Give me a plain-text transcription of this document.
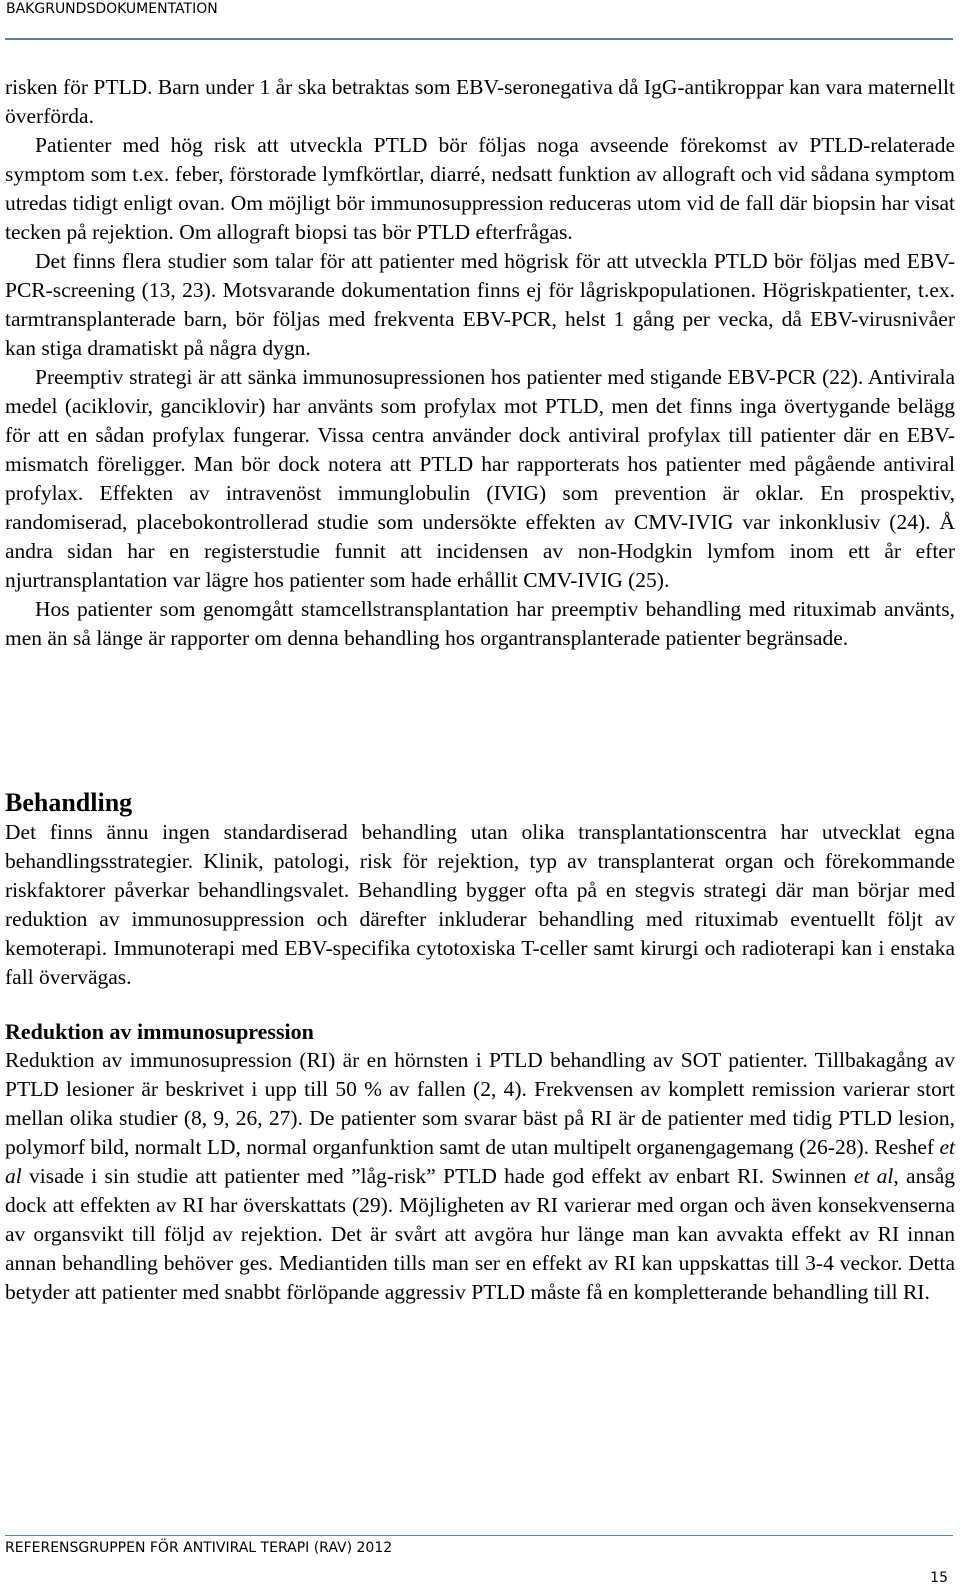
BAKGRUNDSDOKUMENTATION

risken för PTLD. Barn under 1 år ska betraktas som EBV-seronegativa då IgG-antikroppar kan vara maternellt överförda.

Patienter med hög risk att utveckla PTLD bör följas noga avseende förekomst av PTLD-relaterade symptom som t.ex. feber, förstorade lymfkörtlar, diarré, nedsatt funktion av allograft och vid sådana symptom utredas tidigt enligt ovan. Om möjligt bör immunosuppression reduceras utom vid de fall där biopsin har visat tecken på rejektion. Om allograft biopsi tas bör PTLD efterfrågas.

Det finns flera studier som talar för att patienter med högrisk för att utveckla PTLD bör följas med EBV-PCR-screening (13, 23). Motsvarande dokumentation finns ej för lågriskpopulationen. Högriskpatienter, t.ex. tarmtransplanterade barn, bör följas med frekventa EBV-PCR, helst 1 gång per vecka, då EBV-virusnivåer kan stiga dramatiskt på några dygn.

Preemptiv strategi är att sänka immunosupressionen hos patienter med stigande EBV-PCR (22). Antivirala medel (aciklovir, ganciklovir) har använts som profylax mot PTLD, men det finns inga övertygande belägg för att en sådan profylax fungerar. Vissa centra använder dock antiviral profylax till patienter där en EBV-mismatch föreligger. Man bör dock notera att PTLD har rapporterats hos patienter med pågående antiviral profylax. Effekten av intravenöst immunglobulin (IVIG) som prevention är oklar. En prospektiv, randomiserad, placebokontrollerad studie som undersökte effekten av CMV-IVIG var inkonklusiv (24). Å andra sidan har en registerstudie funnit att incidensen av non-Hodgkin lymfom inom ett år efter njurtransplantation var lägre hos patienter som hade erhållit CMV-IVIG (25).

Hos patienter som genomgått stamcellstransplantation har preemptiv behandling med rituximab använts, men än så länge är rapporter om denna behandling hos organtransplanterade patienter begränsade.

Behandling

Det finns ännu ingen standardiserad behandling utan olika transplantationscentra har utvecklat egna behandlingsstrategier. Klinik, patologi, risk för rejektion, typ av transplanterat organ och förekommande riskfaktorer påverkar behandlingsvalet. Behandling bygger ofta på en stegvis strategi där man börjar med reduktion av immunosuppression och därefter inkluderar behandling med rituximab eventuellt följt av kemoterapi. Immunoterapi med EBV-specifika cytotoxiska T-celler samt kirurgi och radioterapi kan i enstaka fall övervägas.

Reduktion av immunosupression

Reduktion av immunosupression (RI) är en hörnsten i PTLD behandling av SOT patienter. Tillbakagång av PTLD lesioner är beskrivet i upp till 50 % av fallen (2, 4). Frekvensen av komplett remission varierar stort mellan olika studier (8, 9, 26, 27). De patienter som svarar bäst på RI är de patienter med tidig PTLD lesion, polymorf bild, normalt LD, normal organfunktion samt de utan multipelt organengagemang (26-28). Reshef et al visade i sin studie att patienter med ”låg-risk” PTLD hade god effekt av enbart RI. Swinnen et al, ansåg dock att effekten av RI har överskattats (29). Möjligheten av RI varierar med organ och även konsekvenserna av organsvikt till följd av rejektion. Det är svårt att avgöra hur länge man kan avvakta effekt av RI innan annan behandling behöver ges. Mediantiden tills man ser en effekt av RI kan uppskattas till 3-4 veckor. Detta betyder att patienter med snabbt förlöpande aggressiv PTLD måste få en kompletterande behandling till RI.

REFERENSGRUPPEN FÖR ANTIVIRAL TERAPI (RAV) 2012
15
